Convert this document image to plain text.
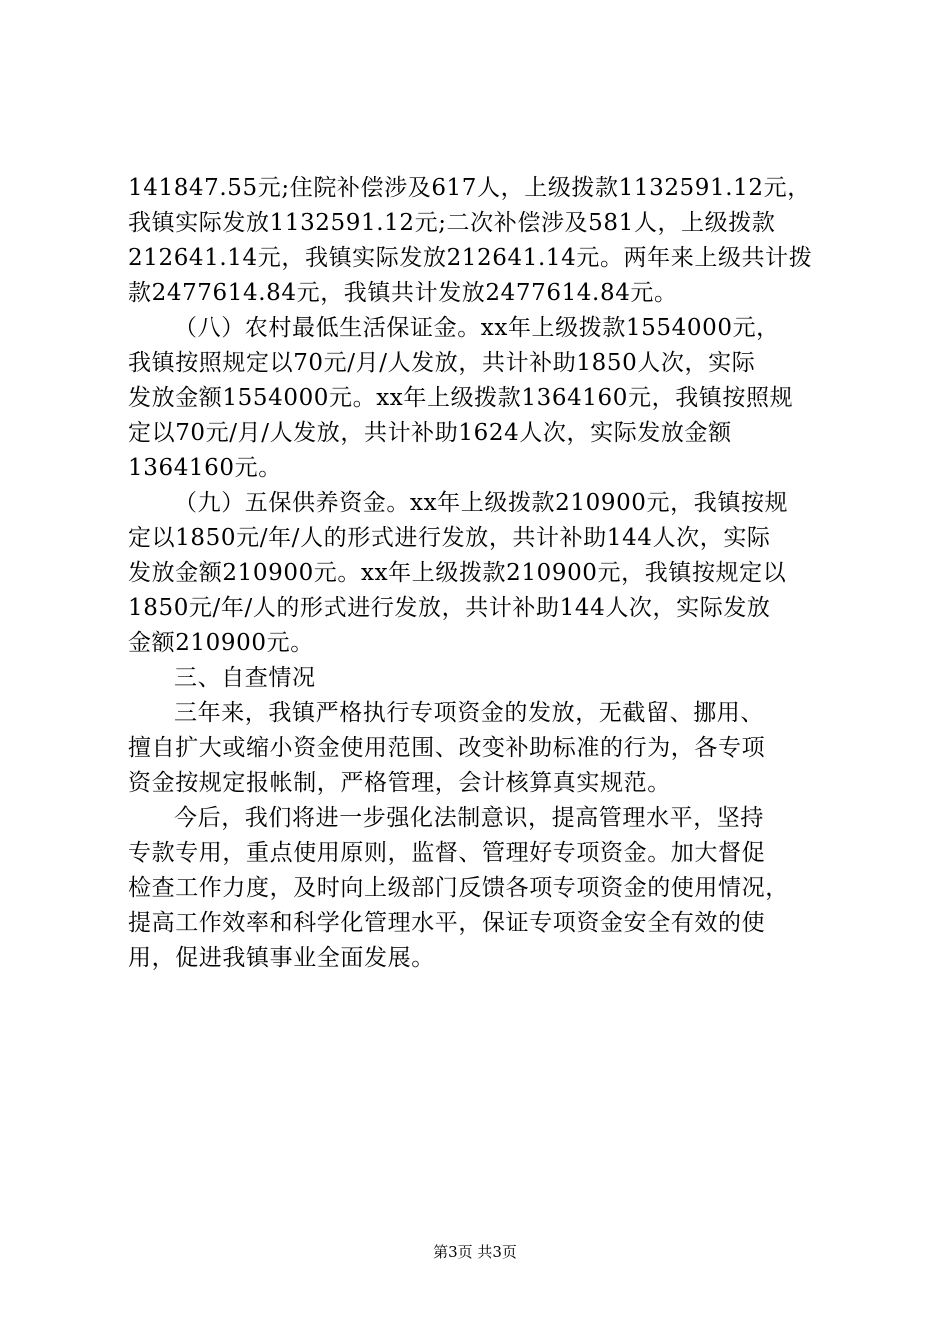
141847.55元;住院补偿涉及617人，上级拨款1132591.12元，
我镇实际发放1132591.12元;二次补偿涉及581人，上级拨款
212641.14元，我镇实际发放212641.14元。两年来上级共计拨
款2477614.84元，我镇共计发放2477614.84元。
（八）农村最低生活保证金。xx年上级拨款1554000元，
我镇按照规定以70元/月/人发放，共计补助1850人次，实际
发放金额1554000元。xx年上级拨款1364160元，我镇按照规
定以70元/月/人发放，共计补助1624人次，实际发放金额
1364160元。
（九）五保供养资金。xx年上级拨款210900元，我镇按规
定以1850元/年/人的形式进行发放，共计补助144人次，实际
发放金额210900元。xx年上级拨款210900元，我镇按规定以
1850元/年/人的形式进行发放，共计补助144人次，实际发放
金额210900元。
三、自查情况
三年来，我镇严格执行专项资金的发放，无截留、挪用、
擅自扩大或缩小资金使用范围、改变补助标准的行为，各专项
资金按规定报帐制，严格管理，会计核算真实规范。
今后，我们将进一步强化法制意识，提高管理水平，坚持
专款专用，重点使用原则，监督、管理好专项资金。加大督促
检查工作力度，及时向上级部门反馈各项专项资金的使用情况，
提高工作效率和科学化管理水平，保证专项资金安全有效的使
用，促进我镇事业全面发展。
第3页 共3页
